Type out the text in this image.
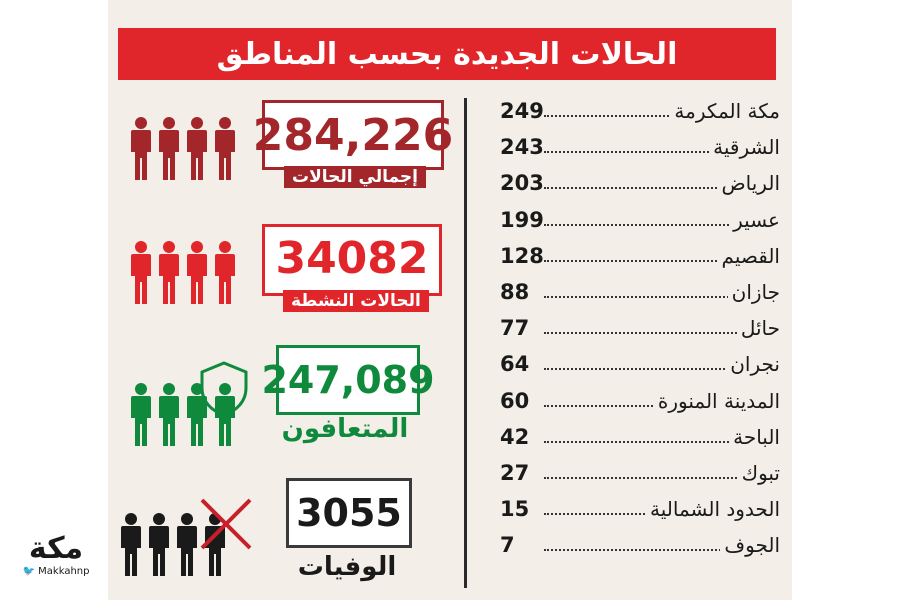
الحالات الجديدة بحسب المناطق
249	مكة المكرمة
243	الشرقية
203	الرياض
199	عسير
128	القصيم
88	جازان
77	حائل
64	نجران
60	المدينة المنورة
42	الباحة
27	تبوك
15	الحدود الشمالية
7	الجوف
284,226
إجمالي الحالات
34082
الحالات النشطة
247,089
المتعافون
3055
الوفيات
مكة
🐦 Makkahnp
